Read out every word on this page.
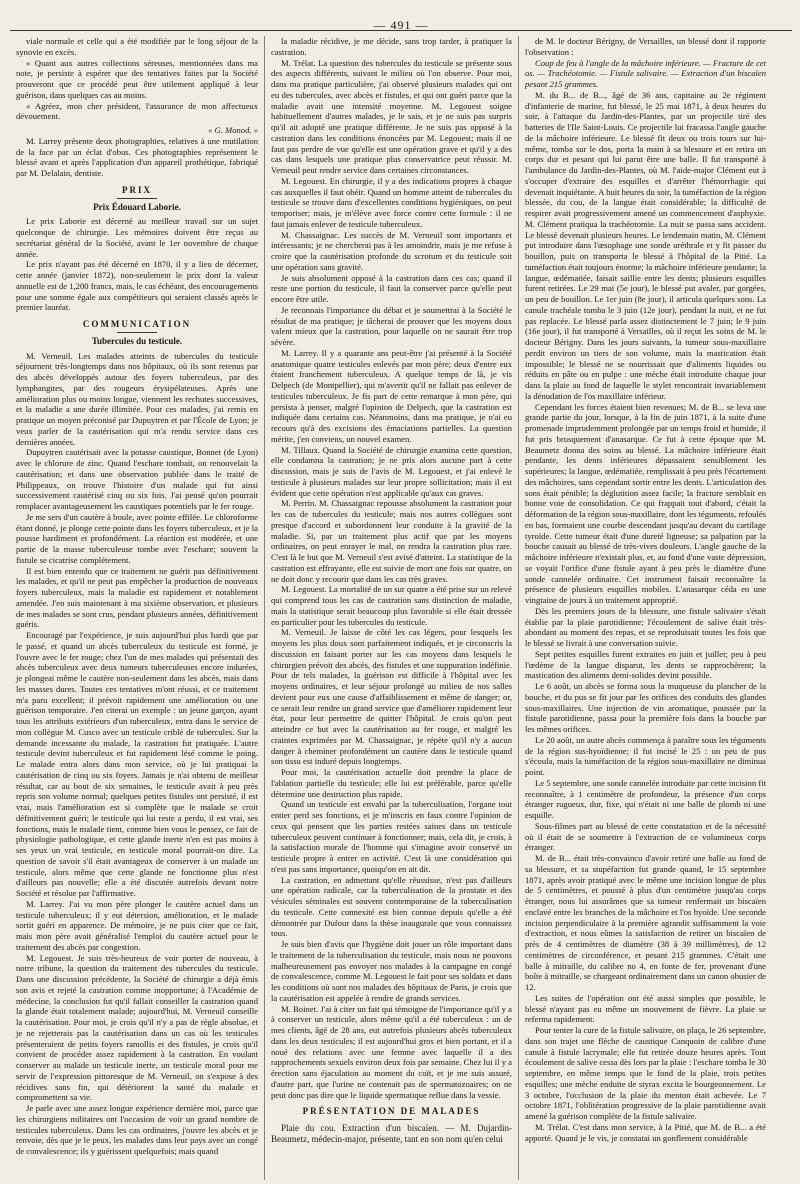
— 491 —

viale normale et celle qui a été modifiée par le long séjour de la synovie en excès.

« Quant aux autres collections séreuses, mentionnées dans ma note, je persiste à espérer que des tentatives faites par la Société prouveront que ce procédé peut être utilement appliqué à leur guérison, dans quelques cas au moins.

« Agréez, mon cher président, l'assurance de mon affectueux dévouement.

« G. Monod. »

M. Larrey présente deux photographies, relatives à une mutilation de la face par un éclat d'obus. Ces photographies représentent le blessé avant et après l'application d'un appareil prothétique, fabriqué par M. Delalain, dentiste.

PRIX
Prix Édouard Laborie.

Le prix Laborie est décerné au meilleur travail sur un sujet quelconque de chirurgie. Les mémoires doivent être reçus au secrétariat général de la Société, avant le 1er novembre de chaque année.

Le prix n'ayant pas été décerné en 1870, il y a lieu de décerner, cette année (janvier 1872), non-seulement le prix dont la valeur annuelle est de 1,200 francs, mais, le cas échéant, des encouragements pour une somme égale aux compétiteurs qui seraient classés après le premier lauréat.

COMMUNICATION
Tubercules du testicule.

M. Verneuil. Les malades atteints de tubercules du testicule séjournent très-longtemps dans nos hôpitaux, où ils sont retenus par des abcès développés autour des foyers tuberculeux, par des lymphangites, par des rougeurs érysipélateuses. Après une amélioration plus ou moins longue, viennent les rechutes successives, et la maladie a une durée illimitée. Pour ces malades, j'ai remis en pratique un moyen préconisé par Dupuytren et par l'École de Lyon; je veux parler de la cautérisation qui m'a rendu service dans ces dernières années.

Dupuytren cautérisait avec la potasse caustique, Bonnet (de Lyon) avec le chlorure de zinc. Quand l'eschare tombait, on renouvelait la cautérisation; et dans une observation publiée dans le traité de Philippeaux, on trouve l'histoire d'un malade qui fut ainsi successivement cautérisé cinq ou six fois. J'ai pensé qu'on pourrait remplacer avantageusement les caustiques potentiels par le fer rouge.

Je me sers d'un cautère à boule, avec pointe effilée. Le chloroforme étant donné, je plonge cette pointe dans les foyers tuberculeux, et je la pousse hardiment et profondément. La réaction est modérée, et une partie de la masse tuberculeuse tombe avec l'eschare; souvent la fistule se cicatrise complétement.

Il est bien entendu que ce traitement ne guérit pas définitivement les malades, et qu'il ne peut pas empêcher la production de nouveaux foyers tuberculeux, mais la maladie est rapidement et notablement amendée. J'en suis maintenant à ma sixième observation, et plusieurs de mes malades se sont crus, pendant plusieurs années, définitivement guéris.

Encouragé par l'expérience, je suis aujourd'hui plus hardi que par le passé, et quand un abcès tuberculeux du testicule est formé, je l'ouvre avec le fer rouge; chez l'un de mes malades qui présentait des abcès tuberculeux avec deux tumeurs tuberculeuses encore indurées, je plongeai même le cautère non-seulement dans les abcès, mais dans les masses dures. Toutes ces tentatives m'ont réussi, et ce traitement m'a paru excellent; il prévoit rapidement une amélioration ou une guérison temporaire. J'en citerai un exemple : un jeune garçon, ayant tous les attributs extérieurs d'un tuberculeux, entra dans le service de mon collègue M. Cusco avec un testicule criblé de tubercules. Sur la demande incessante du malade, la castration fut pratiquée. L'autre testicule devint tuberculeux et fut rapidement lésé comme le poing. Le malade entra alors dans mon service, où je lui pratiquai la cautérisation de cinq ou six foyers. Jamais je n'ai obtenu de meilleur résultat, car au bout de six semaines, le testicule avait à peu près repris son volume normal; quelques petites fistules ont persisté, il est vrai, mais l'amélioration est si complète que le malade se croit définitivement guéri; le testicule qui lui reste a perdu, il est vrai, ses fonctions, mais le malade tient, comme bien vous le pensez, ce fait de physiologie pathologique, et cette glande inerte n'en est pas moins à ses yeux un vrai testicule, en testicule moral pourrait-on dire. La question de savoir s'il était avantageux de conserver à un malade un testicule, alors même que cette glande ne fonctionne plus n'est d'ailleurs pas nouvelle; elle a été discutée autrefois devant notre Société et résolue par l'affirmative.

M. Larrey. J'ai vu mon père plonger le cautère actuel dans un testicule tuberculeux; il y eut détersion, amélioration, et le malade sortit guéri en apparence. De mémoire, je ne puis citer que ce fait, mais mon père avait généralisé l'emploi du cautère actuel pour le traitement des abcès par congestion.

M. Legouest. Je suis très-heureux de voir porter de nouveau, à notre tribune, la question du traitement des tubercules du testicule. Dans une discussion précédente, la Société de chirurgie a déjà émis son avis et rejeté la castration comme inopportune; à l'Académie de médecine, la conclusion fut qu'il fallait conseiller la castration quand la glande était totalement malade; aujourd'hui, M. Verneuil conseille la cautérisation. Pour moi, je crois qu'il n'y a pas de règle absolue, et je ne rejetterais pas la cautérisation dans un cas où les testicules présenteraient de petits foyers ramollis et des fistules, je crois qu'il convient de procéder assez rapidement à la castration. En voulant conserver au malade un testicule inerte, un testicule moral pour me servir de l'expression pittoresque de M. Verneuil, on s'expose à des récidives sans fin, qui détériorent la santé du malade et compromettent sa vie.

Je parle avec une assez longue expérience dernière moi, parce que les chirurgiens militaires ont l'occasion de voir un grand nombre de testicules tuberculeux. Dans les cas ordinaires, j'ouvre les abcès et je renvoie, dès que je le peux, les malades dans leur pays avec un congé de convalescence; ils y guérissent quelquefois; mais quand

la maladie récidive, je me décide, sans trop tarder, à pratiquer la castration.

M. Trélat. La question des tubercules du testicule se présente sous des aspects différents, suivant le milieu où l'on observe. Pour moi, dans ma pratique particulière, j'ai observé plusieurs malades qui ont eu des tubercules, avec abcès et fistules, et qui ont guéri parce que la maladie avait une intensité moyenne. M. Legouest soigne habituellement d'autres malades, je le sais, et je ne suis pas surpris qu'il ait adopté une pratique différente. Je ne suis pas opposé à la castration dans les conditions énoncées par M. Legouest; mais il ne faut pas perdre de vue qu'elle est une opération grave et qu'il y a des cas dans lesquels une pratique plus conservatrice peut réussir. M. Verneuil peut rendre service dans certaines circonstances.

M. Legouest. En chirurgie, il y a des indications propres à chaque cas auxquelles il faut obéir. Quand un homme atteint de tubercules du testicule se trouve dans d'excellentes conditions hygiéniques, on peut temporiser; mais, je m'élève avec force contre cette formule : il ne faut jamais enlever de testicule tuberculeux.

M. Chassaignac. Les succès de M. Verneuil sont importants et intéressants; je ne chercherai pas à les amoindrir, mais je me refuse à croire que la cautérisation profonde du scrotum et du testicule soit une opération sans gravité.

Je suis absolument opposé à la castration dans ces cas; quand il reste une portion du testicule, il faut la conserver parce qu'elle peut encore être utile.

Je reconnais l'importance du débat et je soumettrai à la Société le résultat de ma pratique; je tâcherai de prouver que les moyens doux valent mieux que la castration, pour laquelle on ne saurait être trop sévère.

M. Larrey. Il y a quarante ans peut-être j'ai présenté à la Société anatomique quatre testicules enlevés par mon père; deux d'entre eux étaient franchement tuberculeux. A quelque temps de là, je vis Delpech (de Montpellier), qui m'avertit qu'il ne fallait pas enlever de testicules tuberculeux. Je fis part de cette remarque à mon père, qui persista à penser, malgré l'opinion de Delpech, que la castration est indiquée dans certains cas. Néanmoins, dans ma pratique, je n'ai eu recours qu'à des excisions des émaciations partielles. La question mérite, j'en conviens, un nouvel examen.

M. Tillaux. Quand la Société de chirurgie examina cette question, elle condamna la castration; je ne pris alors aucune part à cette discussion, mais je suis de l'avis de M. Legouest, et j'ai enlevé le testicule à plusieurs malades sur leur propre sollicitation; mais il est évident que cette opération n'est applicable qu'aux cas graves.

M. Perrin. M. Chassaignac repousse absolument la castration pour les cas de tubercules du testicule; mais nos autres collègues sont presque d'accord et subordonnent leur conduite à la gravité de la maladie. Si, par un traitement plus actif que par les moyens ordinaires, on peut enrayer le mal, on rendra la castration plus rare. C'est là le but que M. Verneuil s'est avisé d'atteint. La statistique de la castration est effrayante, elle est suivie de mort une fois sur quatre, on ne doit donc y recourir que dans les cas très graves.

M. Legouest. La mortalité de un sur quatre a été prise sur un relevé qui comprend tous les cas de castration sans distinction de maladie, mais la statistique serait beaucoup plus favorable si elle était dressée en particulier pour les tubercules du testicule.

M. Verneuil. Je laisse de côté les cas légers, pour lesquels les moyens les plus doux sont parfaitement indiqués, et je circonscris la discussion en faisant porter sur les cas moyens dans lesquels le chirurgien prévoit des abcès, des fistules et une suppuration indéfinie. Pour de tels malades, la guérison est difficile à l'hôpital avec les moyens ordinaires, et leur séjour prolongé au milieu de nos salles devient pour eux une cause d'affaiblissement et même de danger; or, ce serait leur rendre un grand service que d'améliorer rapidement leur état, pour leur permettre de quitter l'hôpital. Je crois qu'on peut atteindre ce but avec la cautérisation au fer rouge, et malgré les craintes exprimées par M. Chassaignac, je répète qu'il n'y a aucun danger à cheminer profondément un cautère dans le testicule quand son tissu est induré depuis longtemps.

Pour moi, la cautérisation actuelle doit prendre la place de l'ablation partielle du testicule; elle lui est préférable, parce qu'elle détermine une destruction plus rapide.

Quand un testicule est envahi par la tuberculisation, l'organe tout entier perd ses fonctions, et je m'inscris en faux contre l'opinion de ceux qui pensent que les parties restées saines dans un testicule tuberculeux peuvent continuer à fonctionner; mais, cela dit, je crois, à la satisfaction morale de l'homme qui s'imagine avoir conservé un testicule propre à entrer en activité. C'est là une considération qui n'est pas sans importance, quoiqu'on en ait dit.

La castration, en admettant qu'elle réussisse, n'est pas d'ailleurs une opération radicale, car la tuberculisation de la prostate et des vésicules séminales est souvent contemporaine de la tuberculisation du testicule. Cette connexité est bien connue depuis qu'elle a été démontrée par Dufour dans la thèse inaugurale que vous connaissez tous.

Je suis bien d'avis que l'hygiène doit jouer un rôle important dans le traitement de la tuberculisation du testicule, mais nous ne pouvons malheureusement pas envoyer nos malades à la campagne en congé de convalescence, comme M. Legouest le fait pour ses soldats et dans les conditions où sont nos malades des hôpitaux de Paris, je crois que la cautérisation est appelée à rendre de grands services.

M. Boinet. J'ai à citer un fait qui témoigne de l'importance qu'il y a à conserver un testicule, alors même qu'il a été tuberculeux : un de mes clients, âgé de 28 ans, eut autrefois plusieurs abcès tuberculeux dans les deux testicules; il est aujourd'hui gros et bien portant, et il a noué des relations avec une femme avec laquelle il a des rapprochements sexuels environ deux fois par semaine. Chez lui il y a érection sans éjaculation au moment du coït, et je me suis assuré, d'autre part, que l'urine ne contenait pas de spermatozoaires; on ne peut donc pas dire que le liquide spermatique reflue dans la vessie.

PRÉSENTATION DE MALADES

Plaie du cou. Extraction d'un biscaïen. — M. Dujardin-Beaumetz, médecin-major, présente, tant en son nom qu'en celui

de M. le docteur Bérigny, de Versailles, un blessé dont il rapporte l'observation :

Coup de feu à l'angle de la mâchoire inférieure. — Fracture de cet os. — Trachéotomie. — Fistule salivaire. — Extraction d'un biscaïen pesant 215 grammes.

M. du B... de B..., âgé de 36 ans, capitaine au 2e régiment d'infanterie de marine, fut blessé, le 25 mai 1871, à deux heures du soir, à l'attaque du Jardin-des-Plantes, par un projectile tiré des batteries de l'Ile Saint-Louis. Ce projectile lui fracassa l'angle gauche de la mâchoire inférieure. Le blessé fit deux ou trois tours sur lui-même, tomba sur le dos, porta la main à sa blessure et en retira un corps dur et pesant qui lui parut être une balle. Il fut transporté à l'ambulance du Jardin-des-Plantes, où M. l'aide-major Clément eut à s'occuper d'extraire des esquilles et d'arrêter l'hémorrhagie qui devenait inquiétante. A huit heures du soir, la tuméfaction de la région blessée, du cou, de la langue était considérable; la difficulté de respirer avait progressivement amené un commencement d'asphyxie. M. Clément pratiqua la trachéotomie. La nuit se passa sans accident. Le blessé devenait plusieurs heures. Le lendemain matin, M. Clément put introduire dans l'œsophage une sonde uréthrale et y fit passer du bouillon, puis on transporta le blessé à l'hôpital de la Pitié. La tuméfaction était toujours énorme; la mâchoire inférieure pendante; la langue, œdématiée, faisait saillie entre les dents; plusieurs esquilles furent retirées. Le 29 mai (5e jour), le blessé put avaler, par gorgées, un peu de bouillon. Le 1er juin (8e jour), il articula quelques sons. La canule trachéale tomba le 3 juin (12e jour), pendant la nuit, et ne fut pas replacée. Le blessé parla assez distinctement le 7 juin; le 9 juin (16e jour), il fut transporté à Versailles, où il reçut les soins de M. le docteur Bérigny. Dans les jours suivants, la tumeur sous-maxillaire perdit environ un tiers de son volume, mais la mastication était impossible; le blessé ne se nourrissait que d'aliments liquides ou réduits en pâte ou en pulpe : une mèche était introduite chaque jour dans la plaie au fond de laquelle le stylet rencontrait invariablement la dénudation de l'os maxillaire inférieur.

Cependant les forces étaient bien revenues; M. de B... se leva une grande partie du jour, lorsque, à la fin de juin 1871, à la suite d'une promenade imprudemment prolongée par un temps froid et humide, il fut pris brusquement d'anasarque. Ce fut à cette époque que M. Beaumetz donna des soins au blessé. La mâchoire inférieure était pendante, les dents inférieures dépassaient sensiblement les supérieures; la langue, œdématiée, remplissait à peu près l'écartement des mâchoires, sans cependant sortir entre les dents. L'articulation des sons était pénible; la déglutition assez facile; la fracture semblait en bonne voie de consolidation. Ce qui frappait tout d'abord, c'était la déformation de la région sous-maxillaire, dont les téguments, refoulés en bas, formaient une courbe descendant jusqu'au devant du cartilage tyroïde. Cette tumeur était d'une dureté ligneuse; sa palpation par la bouche causait au blessé de très-vives douleurs. L'angle gauche de la mâchoire inférieure n'existait plus, et, au fond d'une vaste dépression, se voyait l'orifice d'une fistule ayant à peu près le diamètre d'une sonde cannelée ordinaire. Cet instrument faisait reconnaître la présence de plusieurs esquilles mobiles. L'anasarque céda en une vingtaine de jours à un traitement approprié.

Dès les premiers jours de la blessure, une fistule salivaire s'était établie par la plaie parotidienne; l'écoulement de salive était très-abondant au moment des repas, et se reproduisait toutes les fois que le blessé se livrait à une conversation suivie.

Sept petites esquilles furent extraites en juin et juillet; peu à peu l'œdème de la langue disparut, les dents se rapprochèrent; la mastication des aliments demi-solides devint possible.

Le 6 août, un abcès se forma sous la muqueuse du plancher de la bouche, et du pus se fit jour par les orifices des conduits des glandes sous-maxillaires. Une injection de vin aromatique, poussée par la fistule parotidienne, passa pour la première fois dans la bouche par les mêmes orifices.

Le 20 août, un autre abcès commença à paraître sous les téguments de la région sus-hyoïdienne; il fut incisé le 25 : un peu de pus s'écoula, mais la tuméfaction de la région sous-maxillaire ne diminua point.

Le 5 septembre, une sonde cannelée introduite par cette incision fit reconnaître, à 1 centimètre de profondeur, la présence d'un corps étranger rugueux, dur, fixe, qui n'était ni une balle de plomb ni une esquille.

Sous-filmes part au blessé de cette constatation et de la nécessité où il était de se soumettre à l'extraction de ce volumineux corps étranger.

M. de B... était très-convaincu d'avoir retiré une balle au fond de sa blessure, et sa stupéfaction fut grande quand, le 15 septembre 1871, après avoir pratiqué avec le même une incision longue de plus de 5 centimètres, et poussé à plus d'un centimètre jusqu'au corps étranger, nous lui assurâmes que sa tumeur renfermait un biscaïen enclavé entre les branches de la mâchoire et l'os hyoïde. Une seconde incision perpendiculaire à la première agrandit suffisamment la voie d'extraction, et nous eûmes la satisfaction de retirer un biscaïen de près de 4 centimètres de diamètre (38 à 39 millimètres), de 12 centimètres de circonférence, et pesant 215 grammes. C'était une balle à mitraille, du calibre no 4, en fonte de fer, provenant d'une boîte à mitraille, se chargeant ordinairement dans un canon obusier de 12.

Les suites de l'opération ont été aussi simples que possible, le blessé n'ayant pas eu même un mouvement de fièvre. La plaie se referma rapidement.

Pour tenter la cure de la fistule salivaire, on plaça, le 26 septembre, dans son trajet une flèche de caustique Canquoin de calibre d'une canule à fistule lacrymale; elle fut retirée douze heures après. Tout écoulement de salive cessa dès lors par la plaie : l'eschare tomba le 30 septembre, en même temps que le fond de la plaie, trois petites esquilles; une mèche enduite de styrax excita le bourgeonnement. Le 3 octobre, l'occlusion de la plaie du menton était achevée. Le 7 octobre 1871, l'oblitération progressive de la plaie parotidienne avait amené la guérison complète de la fistule salivaire.

M. Trélat. C'est dans mon service, à la Pitié, que M. de B... a été apporté. Quand je le vis, je constatai un gonflement considérable
